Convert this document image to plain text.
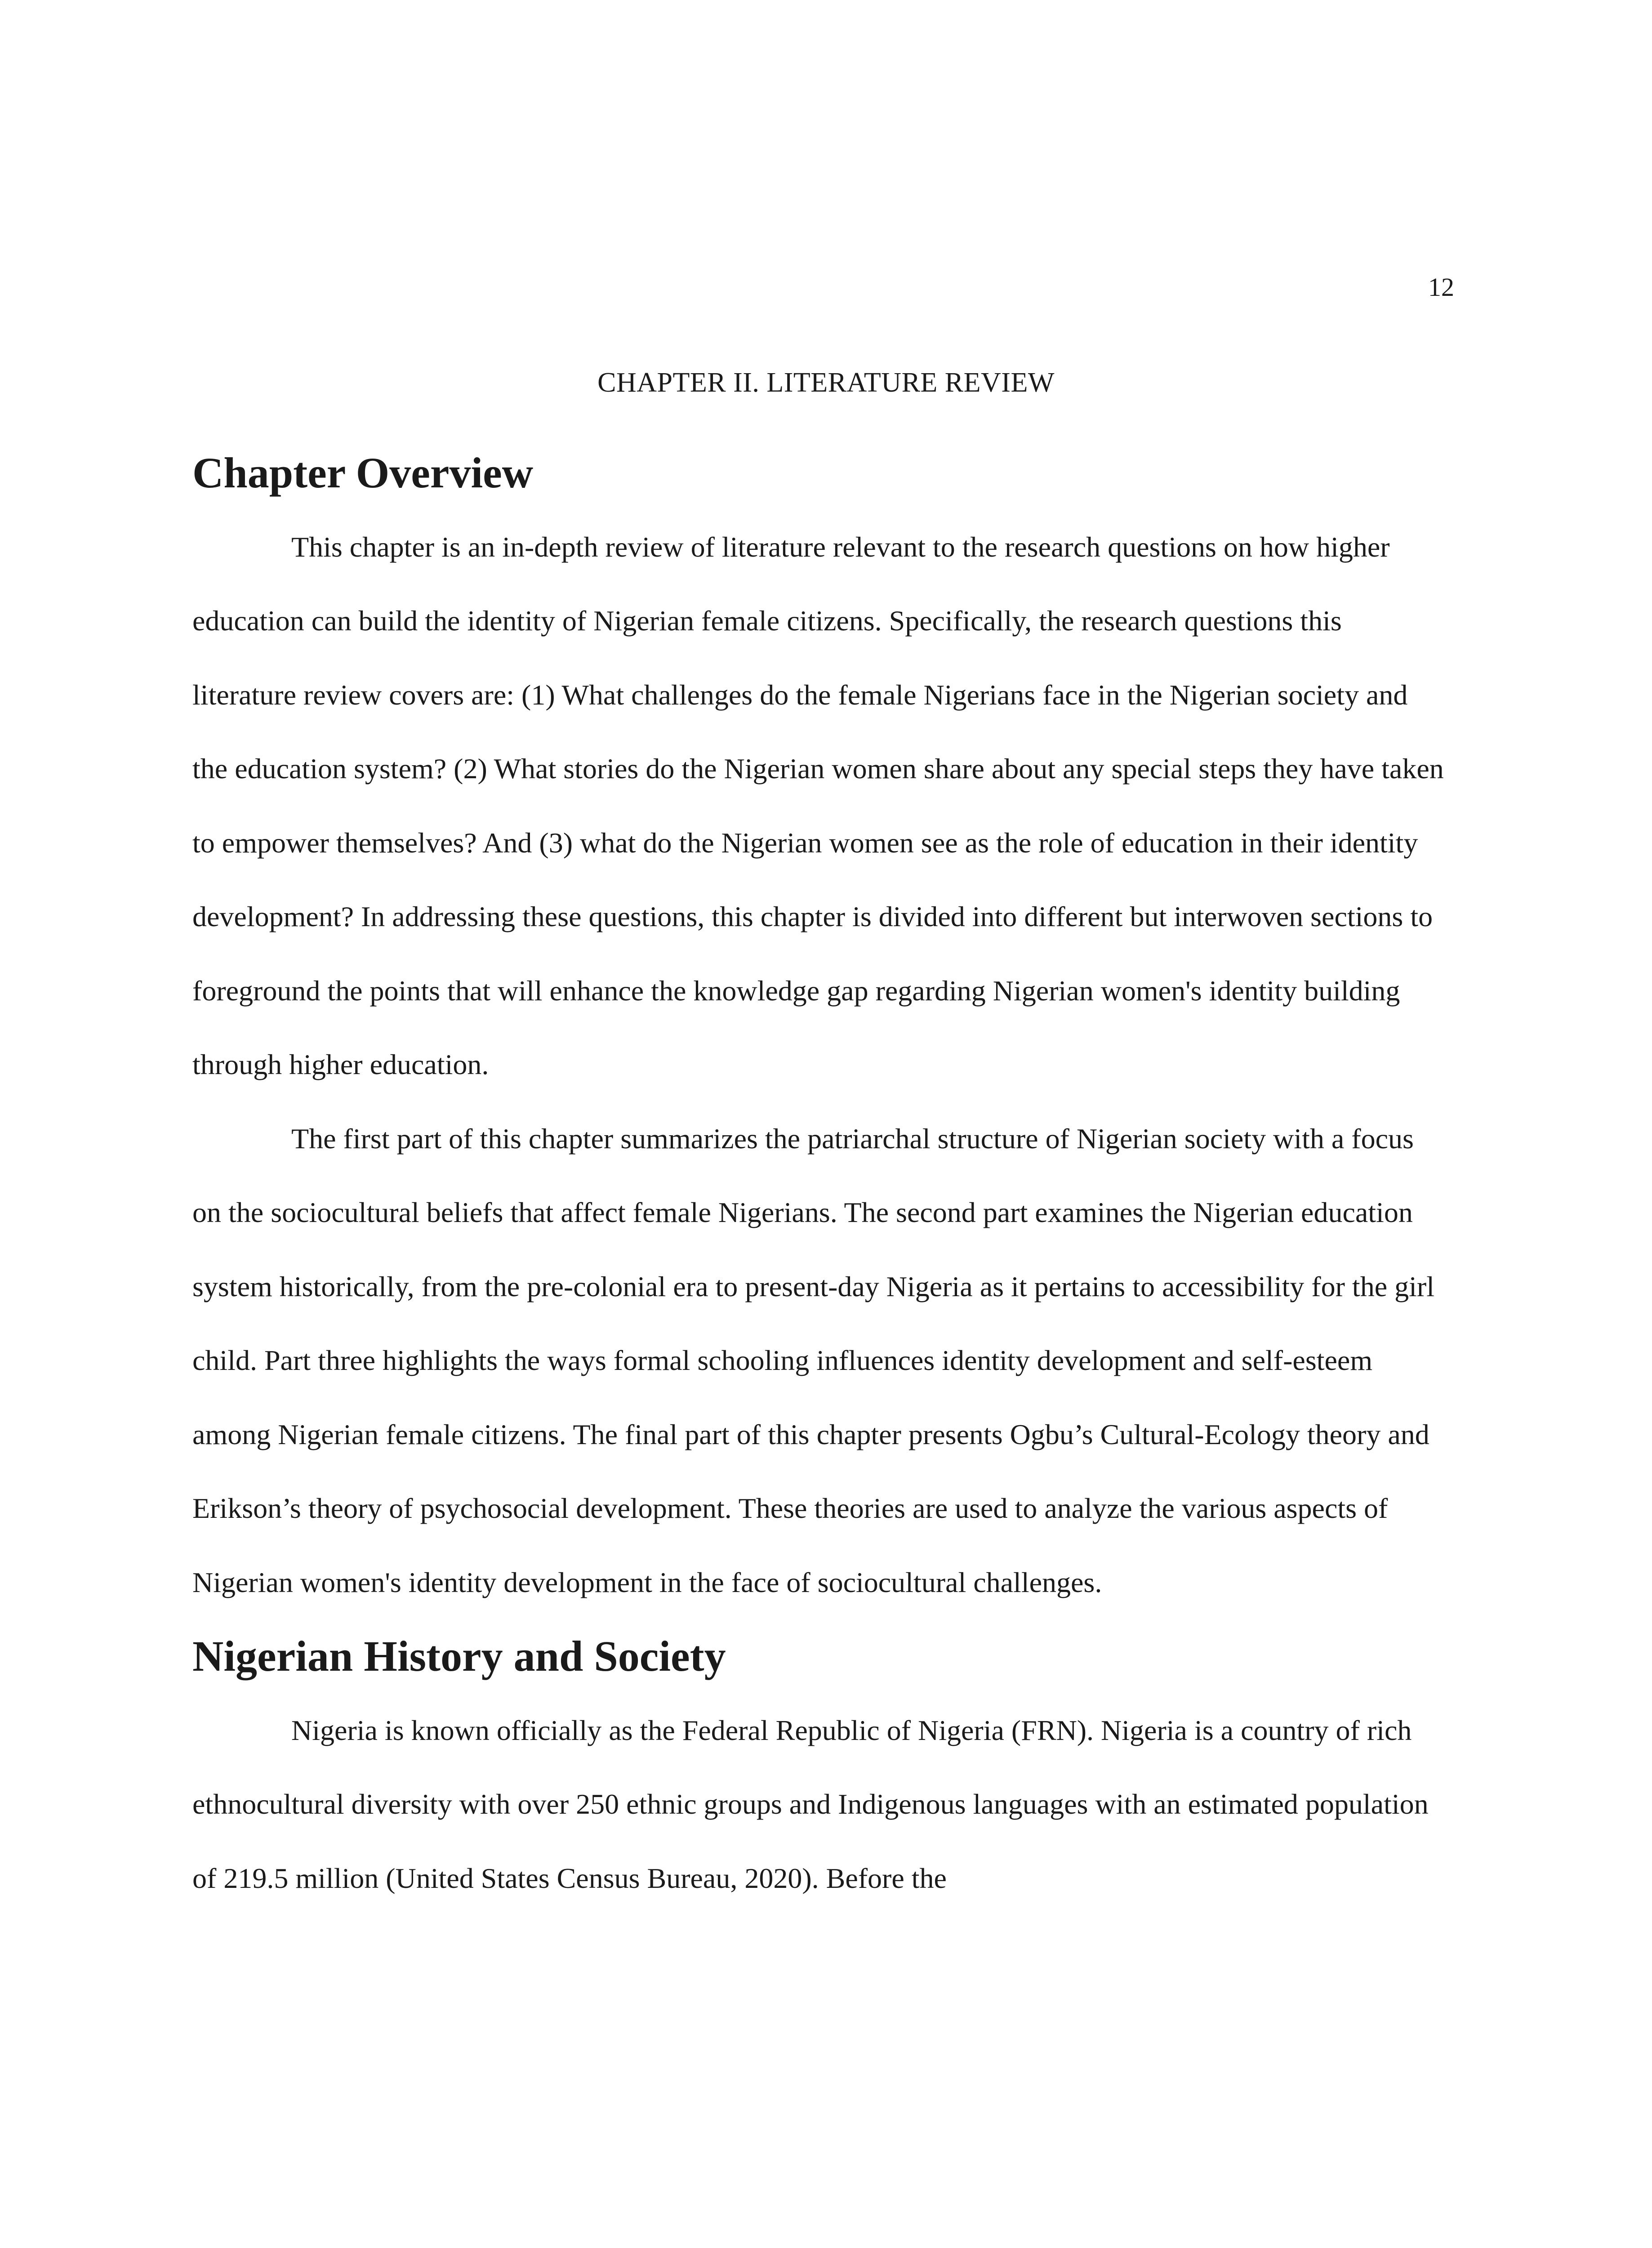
12
CHAPTER II. LITERATURE REVIEW
Chapter Overview

This chapter is an in-depth review of literature relevant to the research questions on how higher education can build the identity of Nigerian female citizens. Specifically, the research questions this literature review covers are: (1) What challenges do the female Nigerians face in the Nigerian society and the education system? (2) What stories do the Nigerian women share about any special steps they have taken to empower themselves? And (3) what do the Nigerian women see as the role of education in their identity development? In addressing these questions, this chapter is divided into different but interwoven sections to foreground the points that will enhance the knowledge gap regarding Nigerian women's identity building through higher education.

The first part of this chapter summarizes the patriarchal structure of Nigerian society with a focus on the sociocultural beliefs that affect female Nigerians. The second part examines the Nigerian education system historically, from the pre-colonial era to present-day Nigeria as it pertains to accessibility for the girl child. Part three highlights the ways formal schooling influences identity development and self-esteem among Nigerian female citizens. The final part of this chapter presents Ogbu’s Cultural-Ecology theory and Erikson’s theory of psychosocial development. These theories are used to analyze the various aspects of Nigerian women's identity development in the face of sociocultural challenges.

Nigerian History and Society

Nigeria is known officially as the Federal Republic of Nigeria (FRN). Nigeria is a country of rich ethnocultural diversity with over 250 ethnic groups and Indigenous languages with an estimated population of 219.5 million (United States Census Bureau, 2020). Before the
